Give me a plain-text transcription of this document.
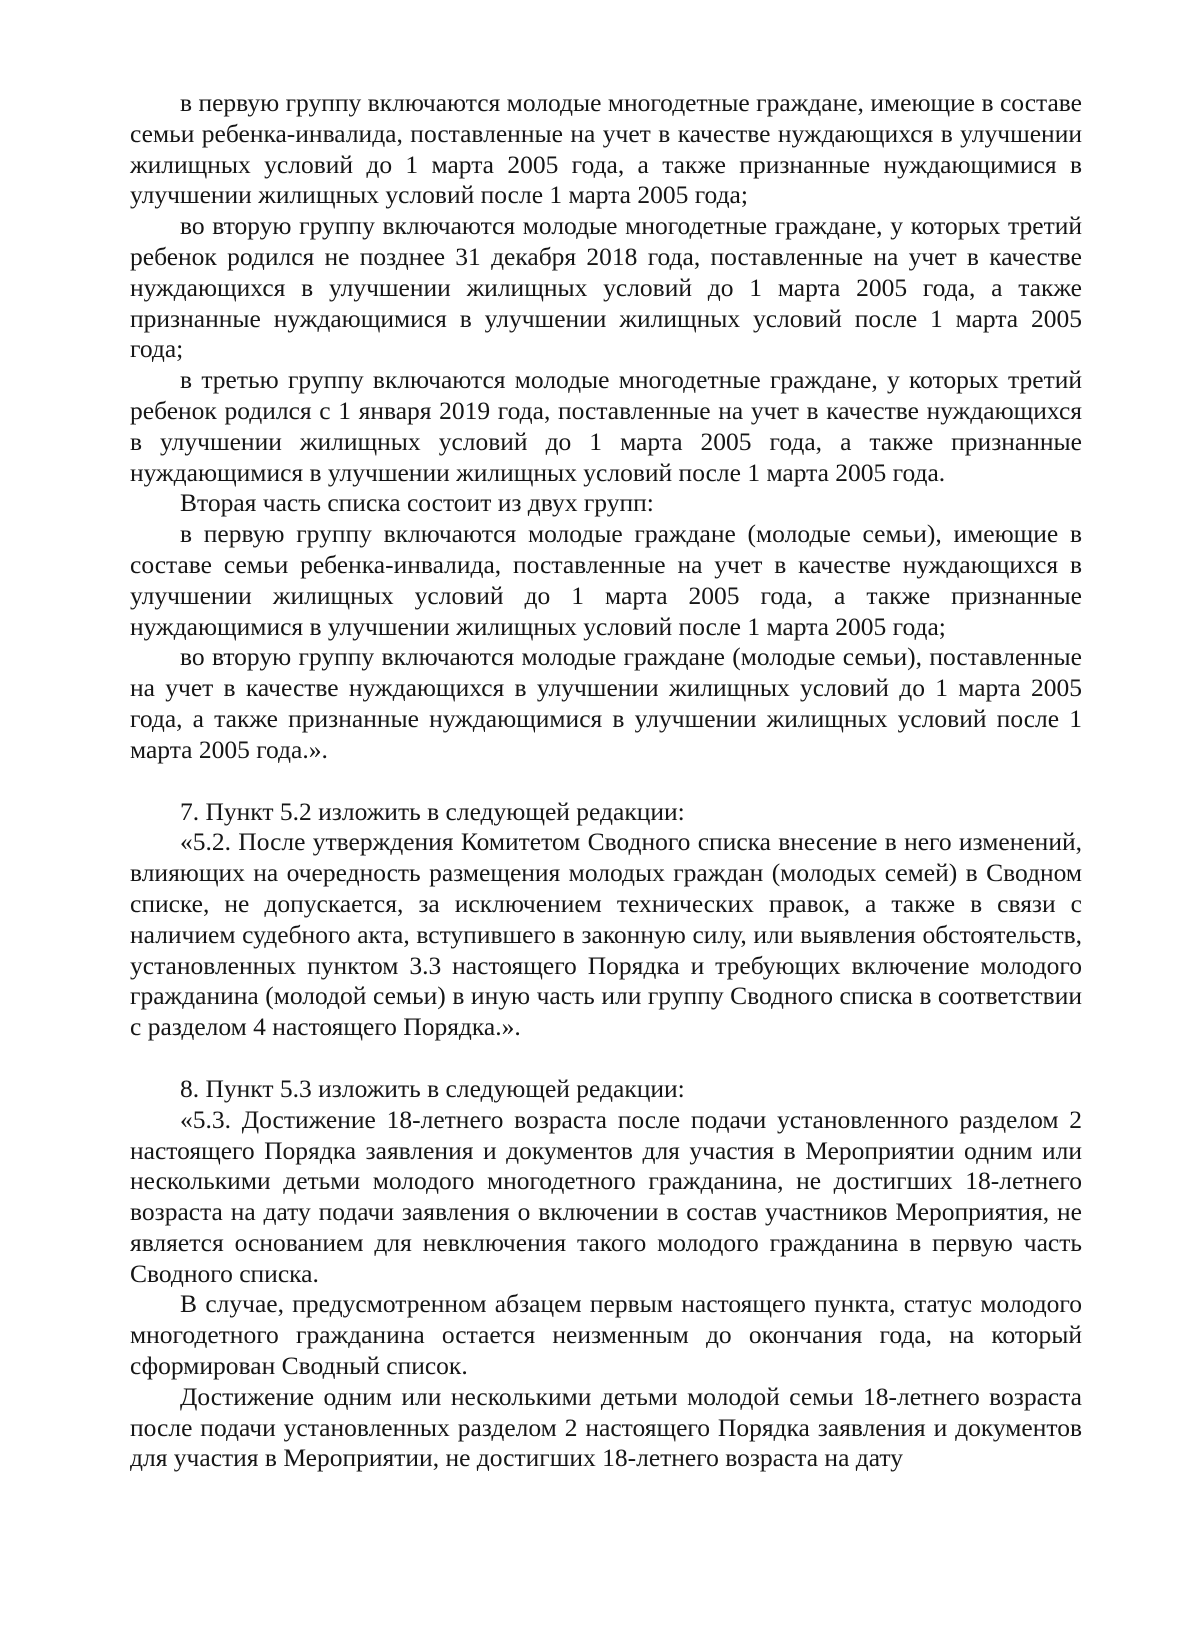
в первую группу включаются молодые многодетные граждане, имеющие в составе семьи ребенка-инвалида, поставленные на учет в качестве нуждающихся в улучшении жилищных условий до 1 марта 2005 года, а также признанные нуждающимися в улучшении жилищных условий после 1 марта 2005 года;

во вторую группу включаются молодые многодетные граждане, у которых третий ребенок родился не позднее 31 декабря 2018 года, поставленные на учет в качестве нуждающихся в улучшении жилищных условий до 1 марта 2005 года, а также признанные нуждающимися в улучшении жилищных условий после 1 марта 2005 года;

в третью группу включаются молодые многодетные граждане, у которых третий ребенок родился с 1 января 2019 года, поставленные на учет в качестве нуждающихся в улучшении жилищных условий до 1 марта 2005 года, а также признанные нуждающимися в улучшении жилищных условий после 1 марта 2005 года.

Вторая часть списка состоит из двух групп:

в первую группу включаются молодые граждане (молодые семьи), имеющие в составе семьи ребенка-инвалида, поставленные на учет в качестве нуждающихся в улучшении жилищных условий до 1 марта 2005 года, а также признанные нуждающимися в улучшении жилищных условий после 1 марта 2005 года;

во вторую группу включаются молодые граждане (молодые семьи), поставленные на учет в качестве нуждающихся в улучшении жилищных условий до 1 марта 2005 года, а также признанные нуждающимися в улучшении жилищных условий после 1 марта 2005 года.».

7. Пункт 5.2 изложить в следующей редакции:

«5.2. После утверждения Комитетом Сводного списка внесение в него изменений, влияющих на очередность размещения молодых граждан (молодых семей) в Сводном списке, не допускается, за исключением технических правок, а также в связи с наличием судебного акта, вступившего в законную силу, или выявления обстоятельств, установленных пунктом 3.3 настоящего Порядка и требующих включение молодого гражданина (молодой семьи) в иную часть или группу Сводного списка в соответствии с разделом 4 настоящего Порядка.».

8. Пункт 5.3 изложить в следующей редакции:

«5.3. Достижение 18-летнего возраста после подачи установленного разделом 2 настоящего Порядка заявления и документов для участия в Мероприятии одним или несколькими детьми молодого многодетного гражданина, не достигших 18-летнего возраста на дату подачи заявления о включении в состав участников Мероприятия, не является основанием для невключения такого молодого гражданина в первую часть Сводного списка.

В случае, предусмотренном абзацем первым настоящего пункта, статус молодого многодетного гражданина остается неизменным до окончания года, на который сформирован Сводный список.

Достижение одним или несколькими детьми молодой семьи 18-летнего возраста после подачи установленных разделом 2 настоящего Порядка заявления и документов для участия в Мероприятии, не достигших 18-летнего возраста на дату
